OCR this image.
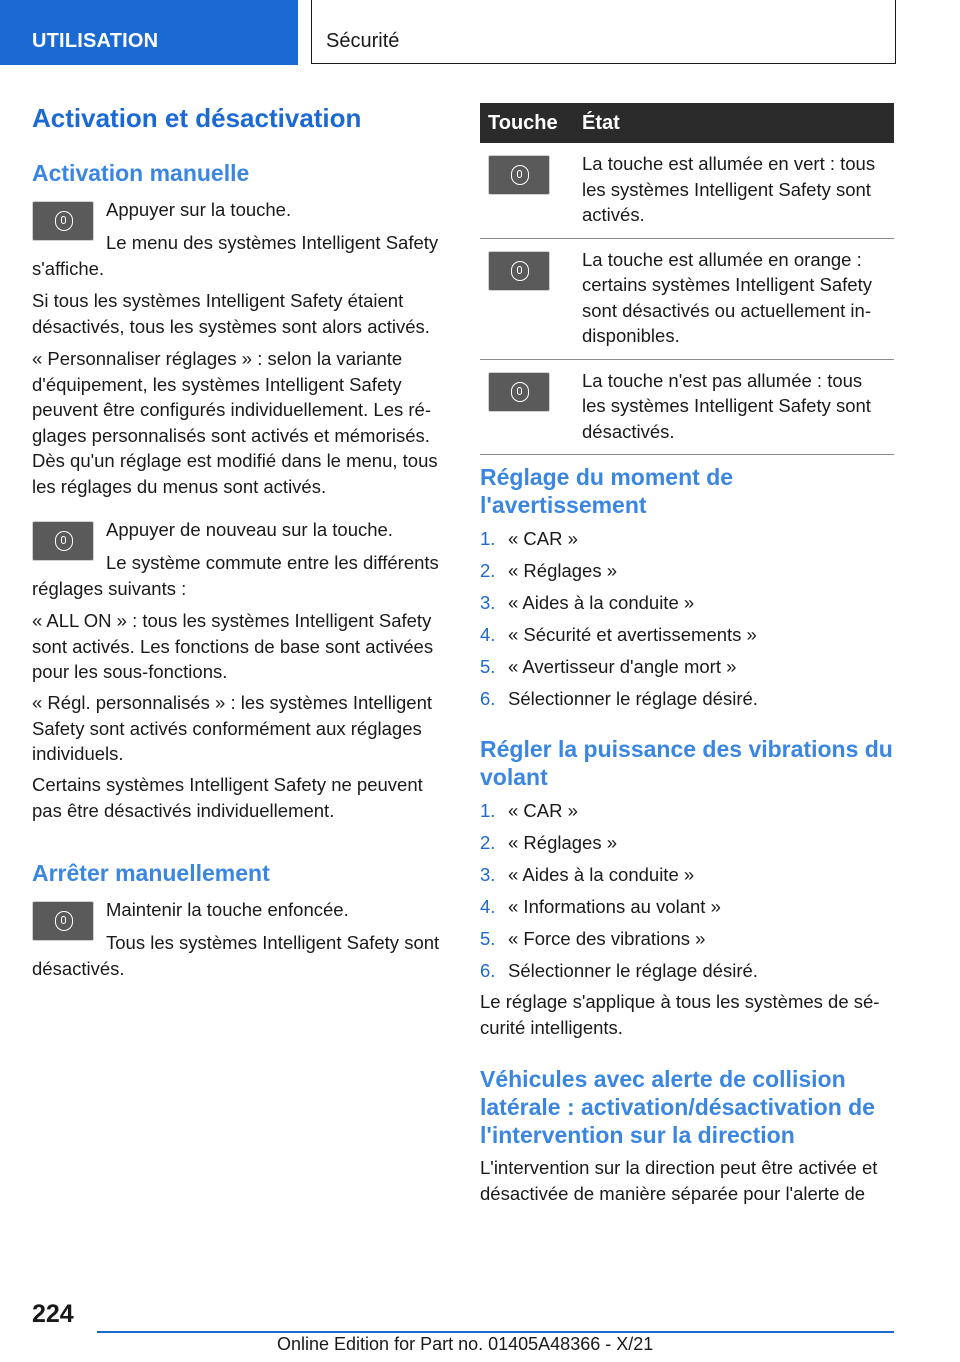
UTILISATION	Sécurité
Activation et désactivation
Activation manuelle

Appuyer sur la touche.

Le menu des systèmes Intelligent Safety s'affiche.

Si tous les systèmes Intelligent Safety étaient désactivés, tous les systèmes sont alors activés.

« Personnaliser réglages » : selon la variante d'équipement, les systèmes Intelligent Safety peuvent être configurés individuellement. Les réglages personnalisés sont activés et mémorisés. Dès qu'un réglage est modifié dans le menu, tous les réglages du menus sont activés.

Appuyer de nouveau sur la touche.

Le système commute entre les différents réglages suivants :

« ALL ON » : tous les systèmes Intelligent Safety sont activés. Les fonctions de base sont activées pour les sous-fonctions.

« Régl. personnalisés » : les systèmes Intelligent Safety sont activés conformément aux réglages individuels.

Certains systèmes Intelligent Safety ne peuvent pas être désactivés individuellement.

Arrêter manuellement

Maintenir la touche enfoncée.

Tous les systèmes Intelligent Safety sont désactivés.

Touche	État

	La touche est allumée en vert : tous les systèmes Intelligent Safety sont activés.

	La touche est allumée en orange : certains systèmes Intelligent Safety sont désactivés ou actuellement indisponibles.

	La touche n'est pas allumée : tous les systèmes Intelligent Safety sont désactivés.
Réglage du moment de l'avertissement
1. « CAR »
2. « Réglages »
3. « Aides à la conduite »
4. « Sécurité et avertissements »
5. « Avertisseur d'angle mort »
6. Sélectionner le réglage désiré.
Régler la puissance des vibrations du volant
1. « CAR »
2. « Réglages »
3. « Aides à la conduite »
4. « Informations au volant »
5. « Force des vibrations »
6. Sélectionner le réglage désiré.

Le réglage s'applique à tous les systèmes de sécurité intelligents.

Véhicules avec alerte de collision latérale : activation/désactivation de l'intervention sur la direction

L'intervention sur la direction peut être activée et désactivée de manière séparée pour l'alerte de

224
Online Edition for Part no. 01405A48366 - X/21
